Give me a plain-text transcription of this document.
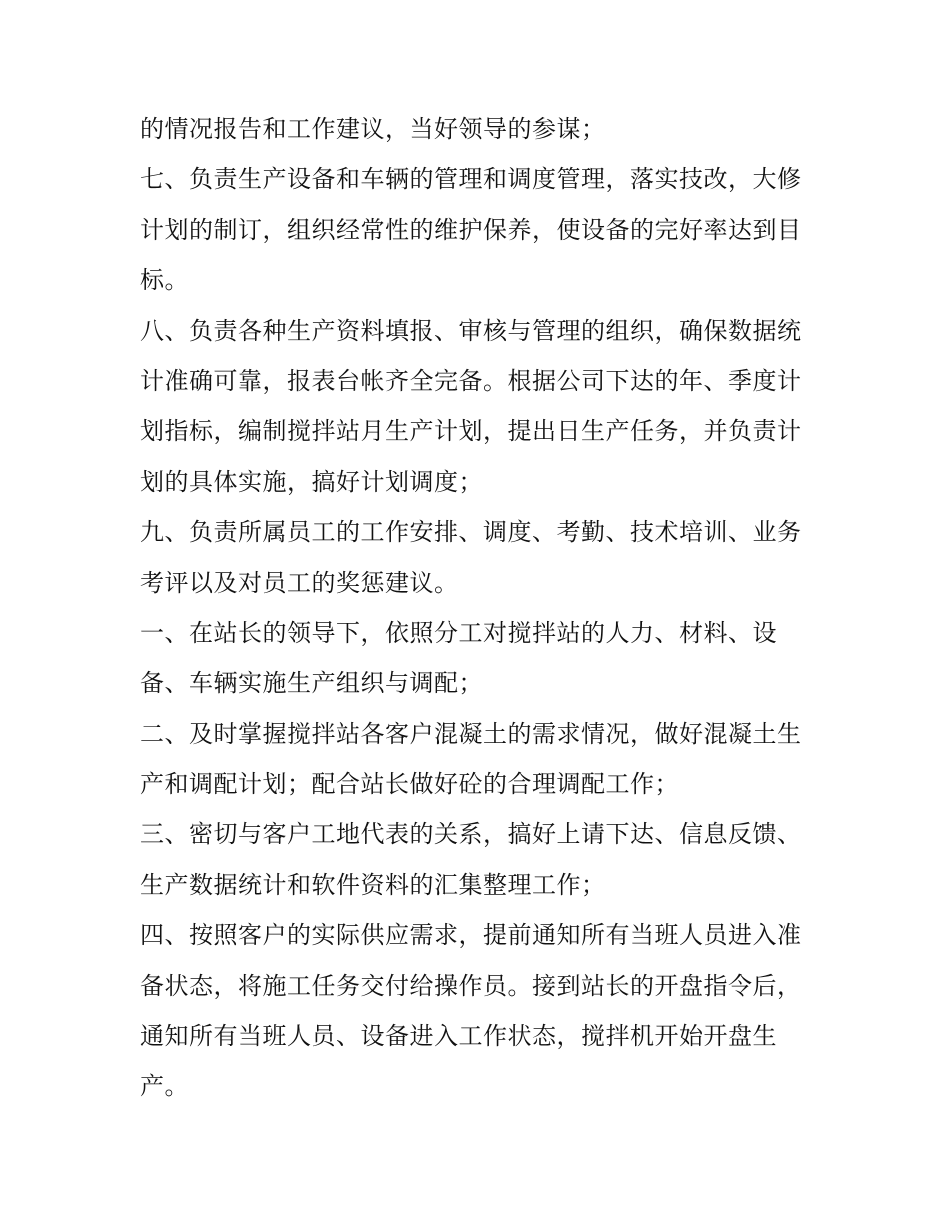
的情况报告和工作建议，当好领导的参谋；
七、负责生产设备和车辆的管理和调度管理，落实技改，大修
计划的制订，组织经常性的维护保养，使设备的完好率达到目
标。
八、负责各种生产资料填报、审核与管理的组织，确保数据统
计准确可靠，报表台帐齐全完备。根据公司下达的年、季度计
划指标，编制搅拌站月生产计划，提出日生产任务，并负责计
划的具体实施，搞好计划调度；
九、负责所属员工的工作安排、调度、考勤、技术培训、业务
考评以及对员工的奖惩建议。
一、在站长的领导下，依照分工对搅拌站的人力、材料、设
备、车辆实施生产组织与调配；
二、及时掌握搅拌站各客户混凝土的需求情况，做好混凝土生
产和调配计划；配合站长做好砼的合理调配工作；
三、密切与客户工地代表的关系，搞好上请下达、信息反馈、
生产数据统计和软件资料的汇集整理工作；
四、按照客户的实际供应需求，提前通知所有当班人员进入准
备状态，将施工任务交付给操作员。接到站长的开盘指令后，
通知所有当班人员、设备进入工作状态，搅拌机开始开盘生
产。
